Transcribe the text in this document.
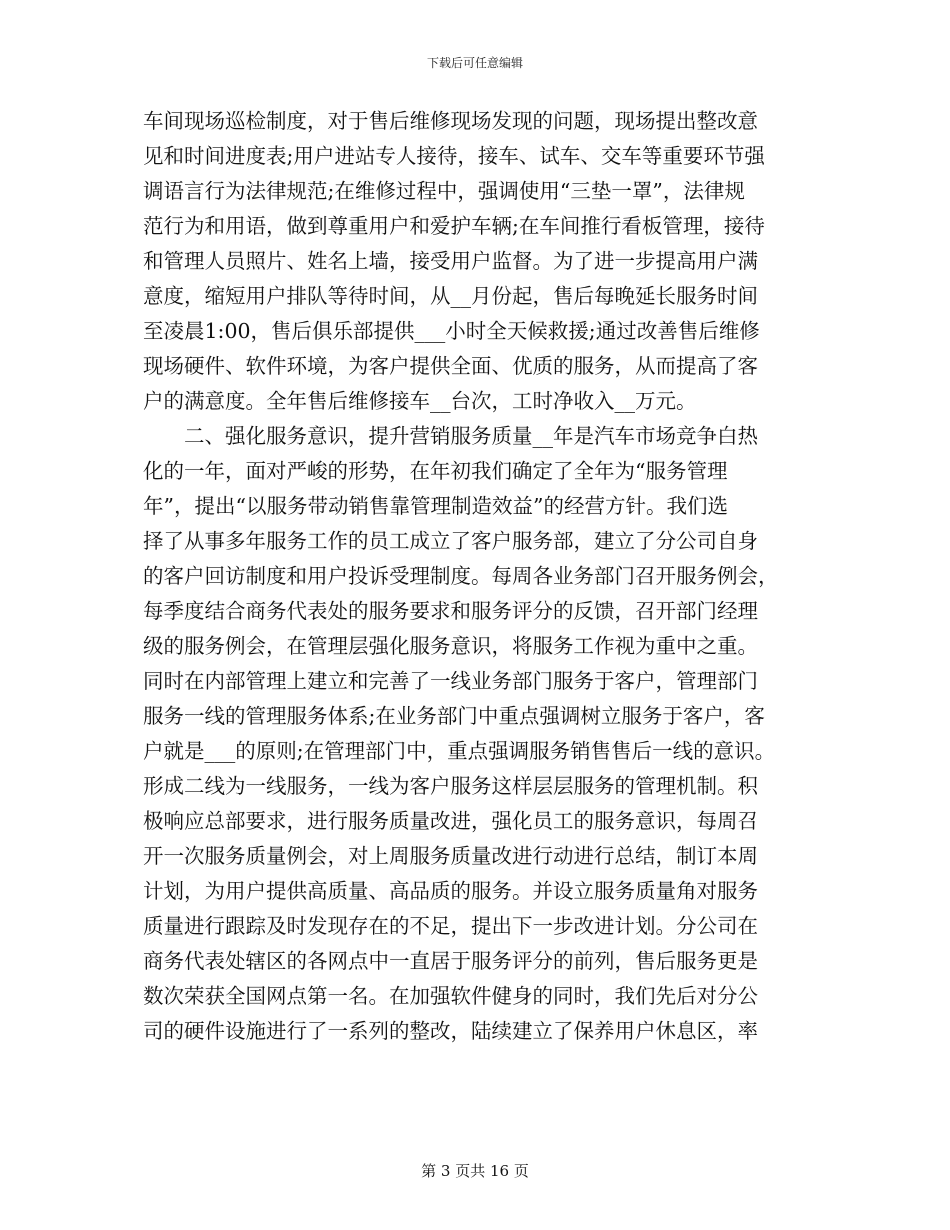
下载后可任意编辑
车间现场巡检制度，对于售后维修现场发现的问题，现场提出整改意
见和时间进度表;用户进站专人接待，接车、试车、交车等重要环节强
调语言行为法律规范;在维修过程中，强调使用“三垫一罩”，法律规
范行为和用语，做到尊重用户和爱护车辆;在车间推行看板管理，接待
和管理人员照片、姓名上墙，接受用户监督。为了进一步提高用户满
意度，缩短用户排队等待时间，从__月份起，售后每晚延长服务时间
至凌晨1:00，售后俱乐部提供___小时全天候救援;通过改善售后维修
现场硬件、软件环境，为客户提供全面、优质的服务，从而提高了客
户的满意度。全年售后维修接车__台次，工时净收入__万元。
　　二、强化服务意识，提升营销服务质量__年是汽车市场竞争白热
化的一年，面对严峻的形势，在年初我们确定了全年为“服务管理
年”，提出“以服务带动销售靠管理制造效益”的经营方针。我们选
择了从事多年服务工作的员工成立了客户服务部，建立了分公司自身
的客户回访制度和用户投诉受理制度。每周各业务部门召开服务例会，
每季度结合商务代表处的服务要求和服务评分的反馈，召开部门经理
级的服务例会，在管理层强化服务意识，将服务工作视为重中之重。
同时在内部管理上建立和完善了一线业务部门服务于客户，管理部门
服务一线的管理服务体系;在业务部门中重点强调树立服务于客户，客
户就是___的原则;在管理部门中，重点强调服务销售售后一线的意识。
形成二线为一线服务，一线为客户服务这样层层服务的管理机制。积
极响应总部要求，进行服务质量改进，强化员工的服务意识，每周召
开一次服务质量例会，对上周服务质量改进行动进行总结，制订本周
计划，为用户提供高质量、高品质的服务。并设立服务质量角对服务
质量进行跟踪及时发现存在的不足，提出下一步改进计划。分公司在
商务代表处辖区的各网点中一直居于服务评分的前列，售后服务更是
数次荣获全国网点第一名。在加强软件健身的同时，我们先后对分公
司的硬件设施进行了一系列的整改，陆续建立了保养用户休息区，率
第 3 页共 16 页
